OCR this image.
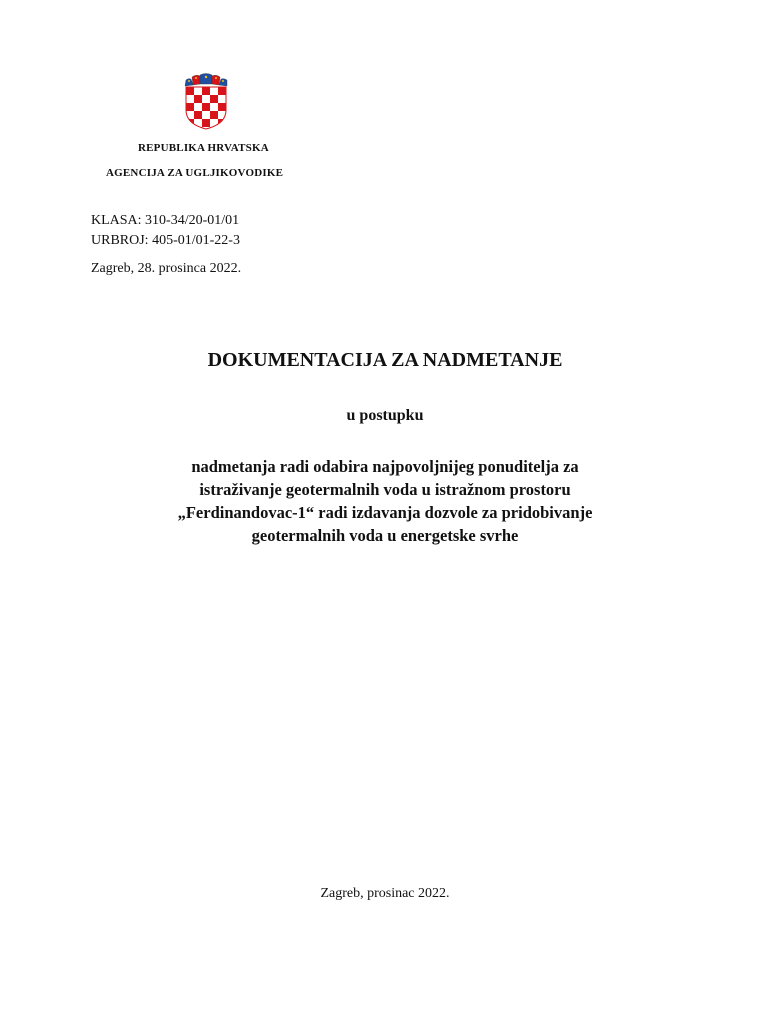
REPUBLIKA HRVATSKA
AGENCIJA ZA UGLJIKOVODIKE
KLASA: 310-34/20-01/01
URBROJ: 405-01/01-22-3
Zagreb, 28. prosinca 2022.
DOKUMENTACIJA ZA NADMETANJE
u postupku
nadmetanja radi odabira najpovoljnijeg ponuditelja za
istraživanje geotermalnih voda u istražnom prostoru
„Ferdinandovac-1“ radi izdavanja dozvole za pridobivanje
geotermalnih voda u energetske svrhe
Zagreb, prosinac 2022.
